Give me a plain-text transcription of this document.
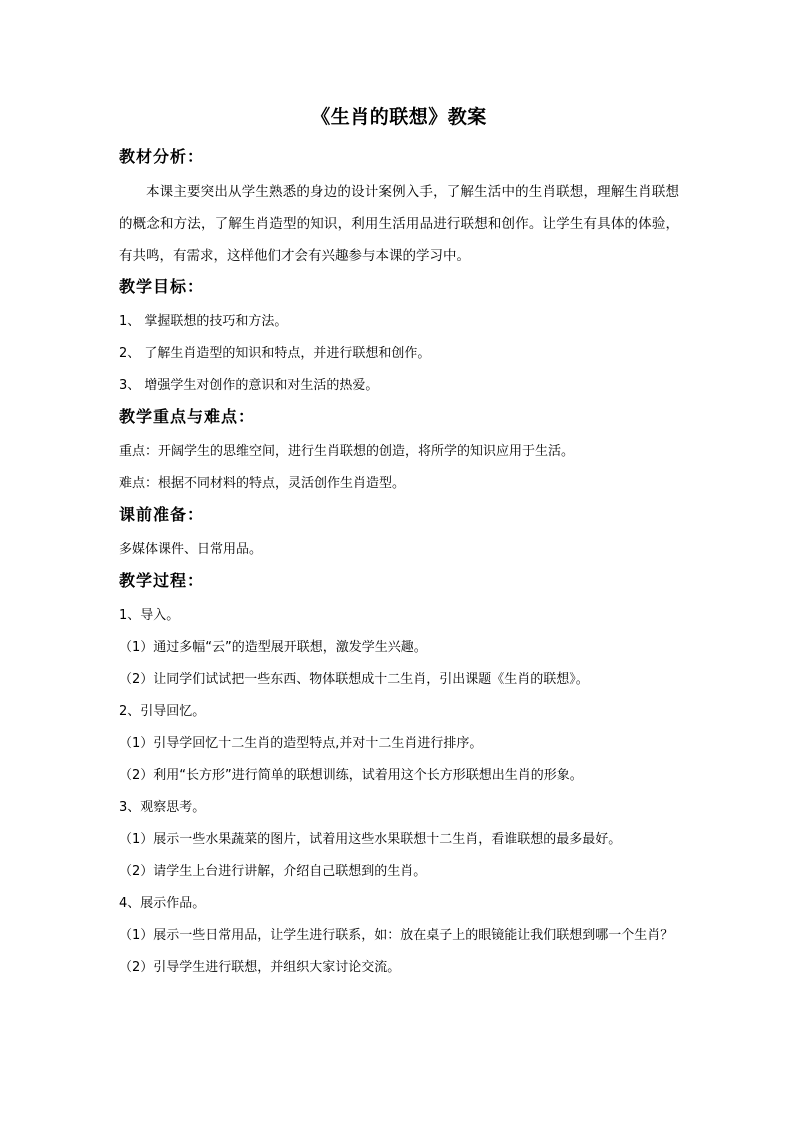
《生肖的联想》教案
教材分析：

本课主要突出从学生熟悉的身边的设计案例入手，了解生活中的生肖联想，理解生肖联想的概念和方法，了解生肖造型的知识，利用生活用品进行联想和创作。让学生有具体的体验，有共鸣，有需求，这样他们才会有兴趣参与本课的学习中。

教学目标：

1、 掌握联想的技巧和方法。

2、 了解生肖造型的知识和特点，并进行联想和创作。

3、 增强学生对创作的意识和对生活的热爱。

教学重点与难点：

重点：开阔学生的思维空间，进行生肖联想的创造，将所学的知识应用于生活。

难点：根据不同材料的特点，灵活创作生肖造型。

课前准备：

多媒体课件、日常用品。

教学过程：

1、导入。

（1）通过多幅“云”的造型展开联想，激发学生兴趣。

（2）让同学们试试把一些东西、物体联想成十二生肖，引出课题《生肖的联想》。

2、引导回忆。

（1）引导学回忆十二生肖的造型特点,并对十二生肖进行排序。

（2）利用“长方形”进行简单的联想训练，试着用这个长方形联想出生肖的形象。

3、观察思考。

（1）展示一些水果蔬菜的图片，试着用这些水果联想十二生肖，看谁联想的最多最好。

（2）请学生上台进行讲解，介绍自己联想到的生肖。

4、展示作品。

（1）展示一些日常用品，让学生进行联系，如：放在桌子上的眼镜能让我们联想到哪一个生肖？

（2）引导学生进行联想，并组织大家讨论交流。
